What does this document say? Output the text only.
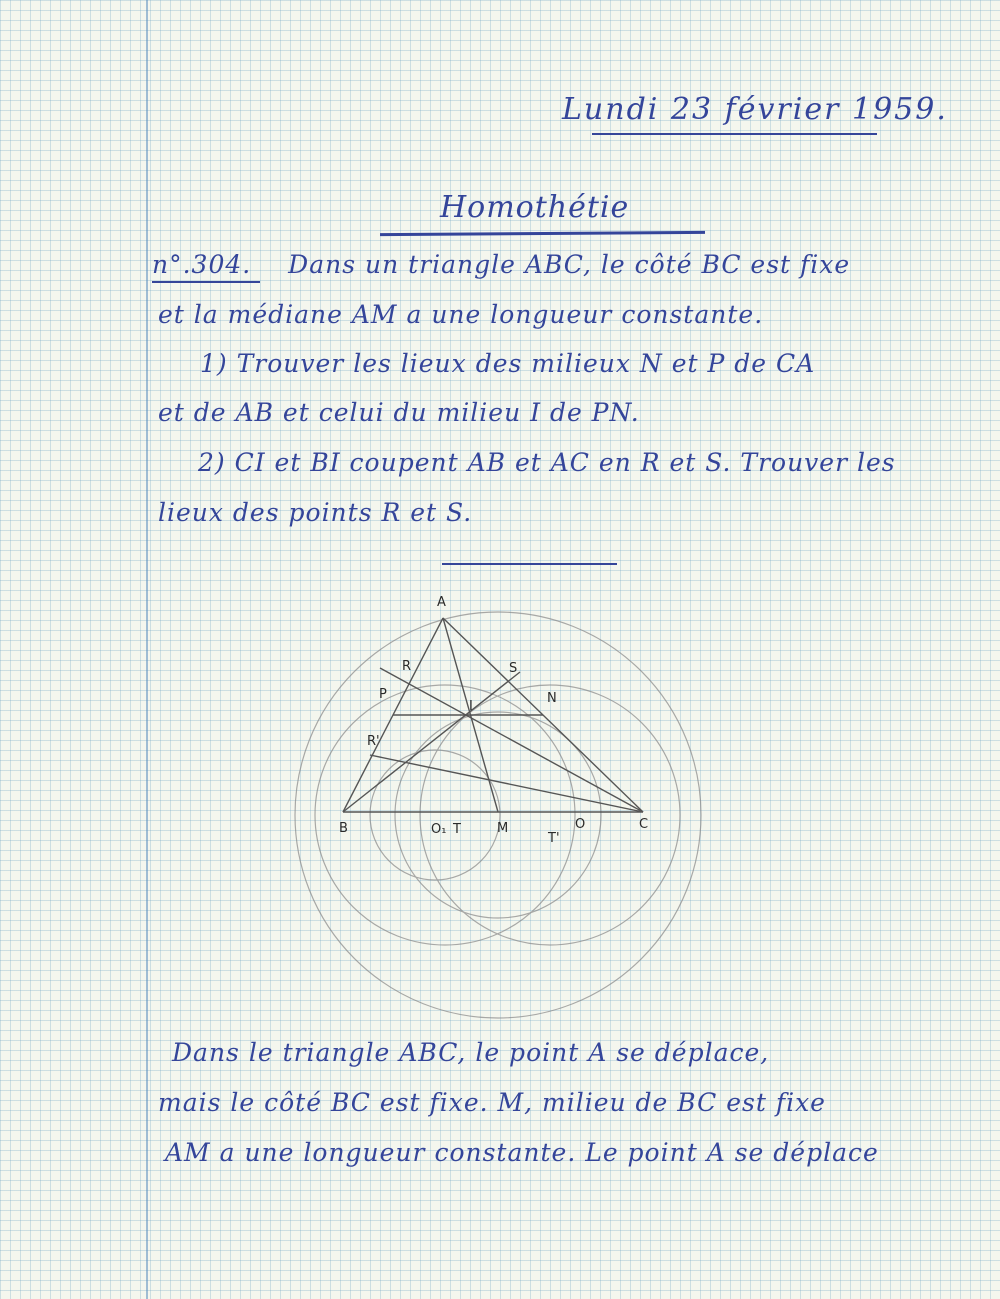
Lundi 23 février 1959.
Homothétie
n°.304. Dans un triangle ABC, le côté BC est fixe
et la médiane AM a une longueur constante.
1) Trouver les lieux des milieux N et P de CA
et de AB et celui du milieu I de PN.
2) CI et BI coupent AB et AC en R et S. Trouver les
lieux des points R et S.
A
B	C
M
N
P
I
R	S
O
O₁ T
T'
R'
Dans le triangle ABC, le point A se déplace,
mais le côté BC est fixe. M, milieu de BC est fixe
AM a une longueur constante. Le point A se déplace
